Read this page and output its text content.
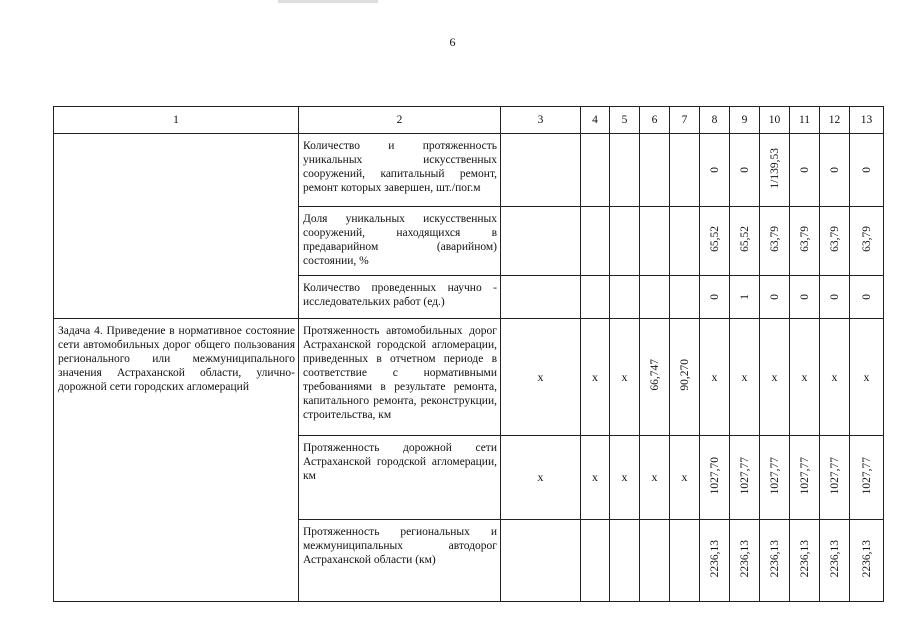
6
1	2	3	4	5	6	7	8	9	10	11	12	13
	Количество и протяженность уникальных искусственных сооружений, капитальный ремонт, ремонт которых завершен, шт./пог.м						0	0	1/139,53	0	0	0
	Доля уникальных искусственных сооружений, находящихся в предаварийном (аварийном) состоянии, %						65,52	65,52	63,79	63,79	63,79	63,79
	Количество проведенных научно - исследовательких работ (ед.)						0	1	0	0	0	0
Задача 4. Приведение в нормативное состояние сети автомобильных дорог общего пользования регионального или межмуниципального значения Астраханской области, улично-дорожной сети городских агломераций	Протяженность автомобильных дорог Астраханской городской агломерации, приведенных в отчетном периоде в соответствие с нормативными требованиями в результате ремонта, капитального ремонта, реконструкции, строительства, км	x	x	x	66,747	90,270	x	x	x	x	x	x
	Протяженность дорожной сети Астраханской городской агломерации, км	x	x	x	x	x	1027,70	1027,77	1027,77	1027,77	1027,77	1027,77
	Протяженность региональных и межмуниципальных автодорог Астраханской области (км)						2236,13	2236,13	2236,13	2236,13	2236,13	2236,13
